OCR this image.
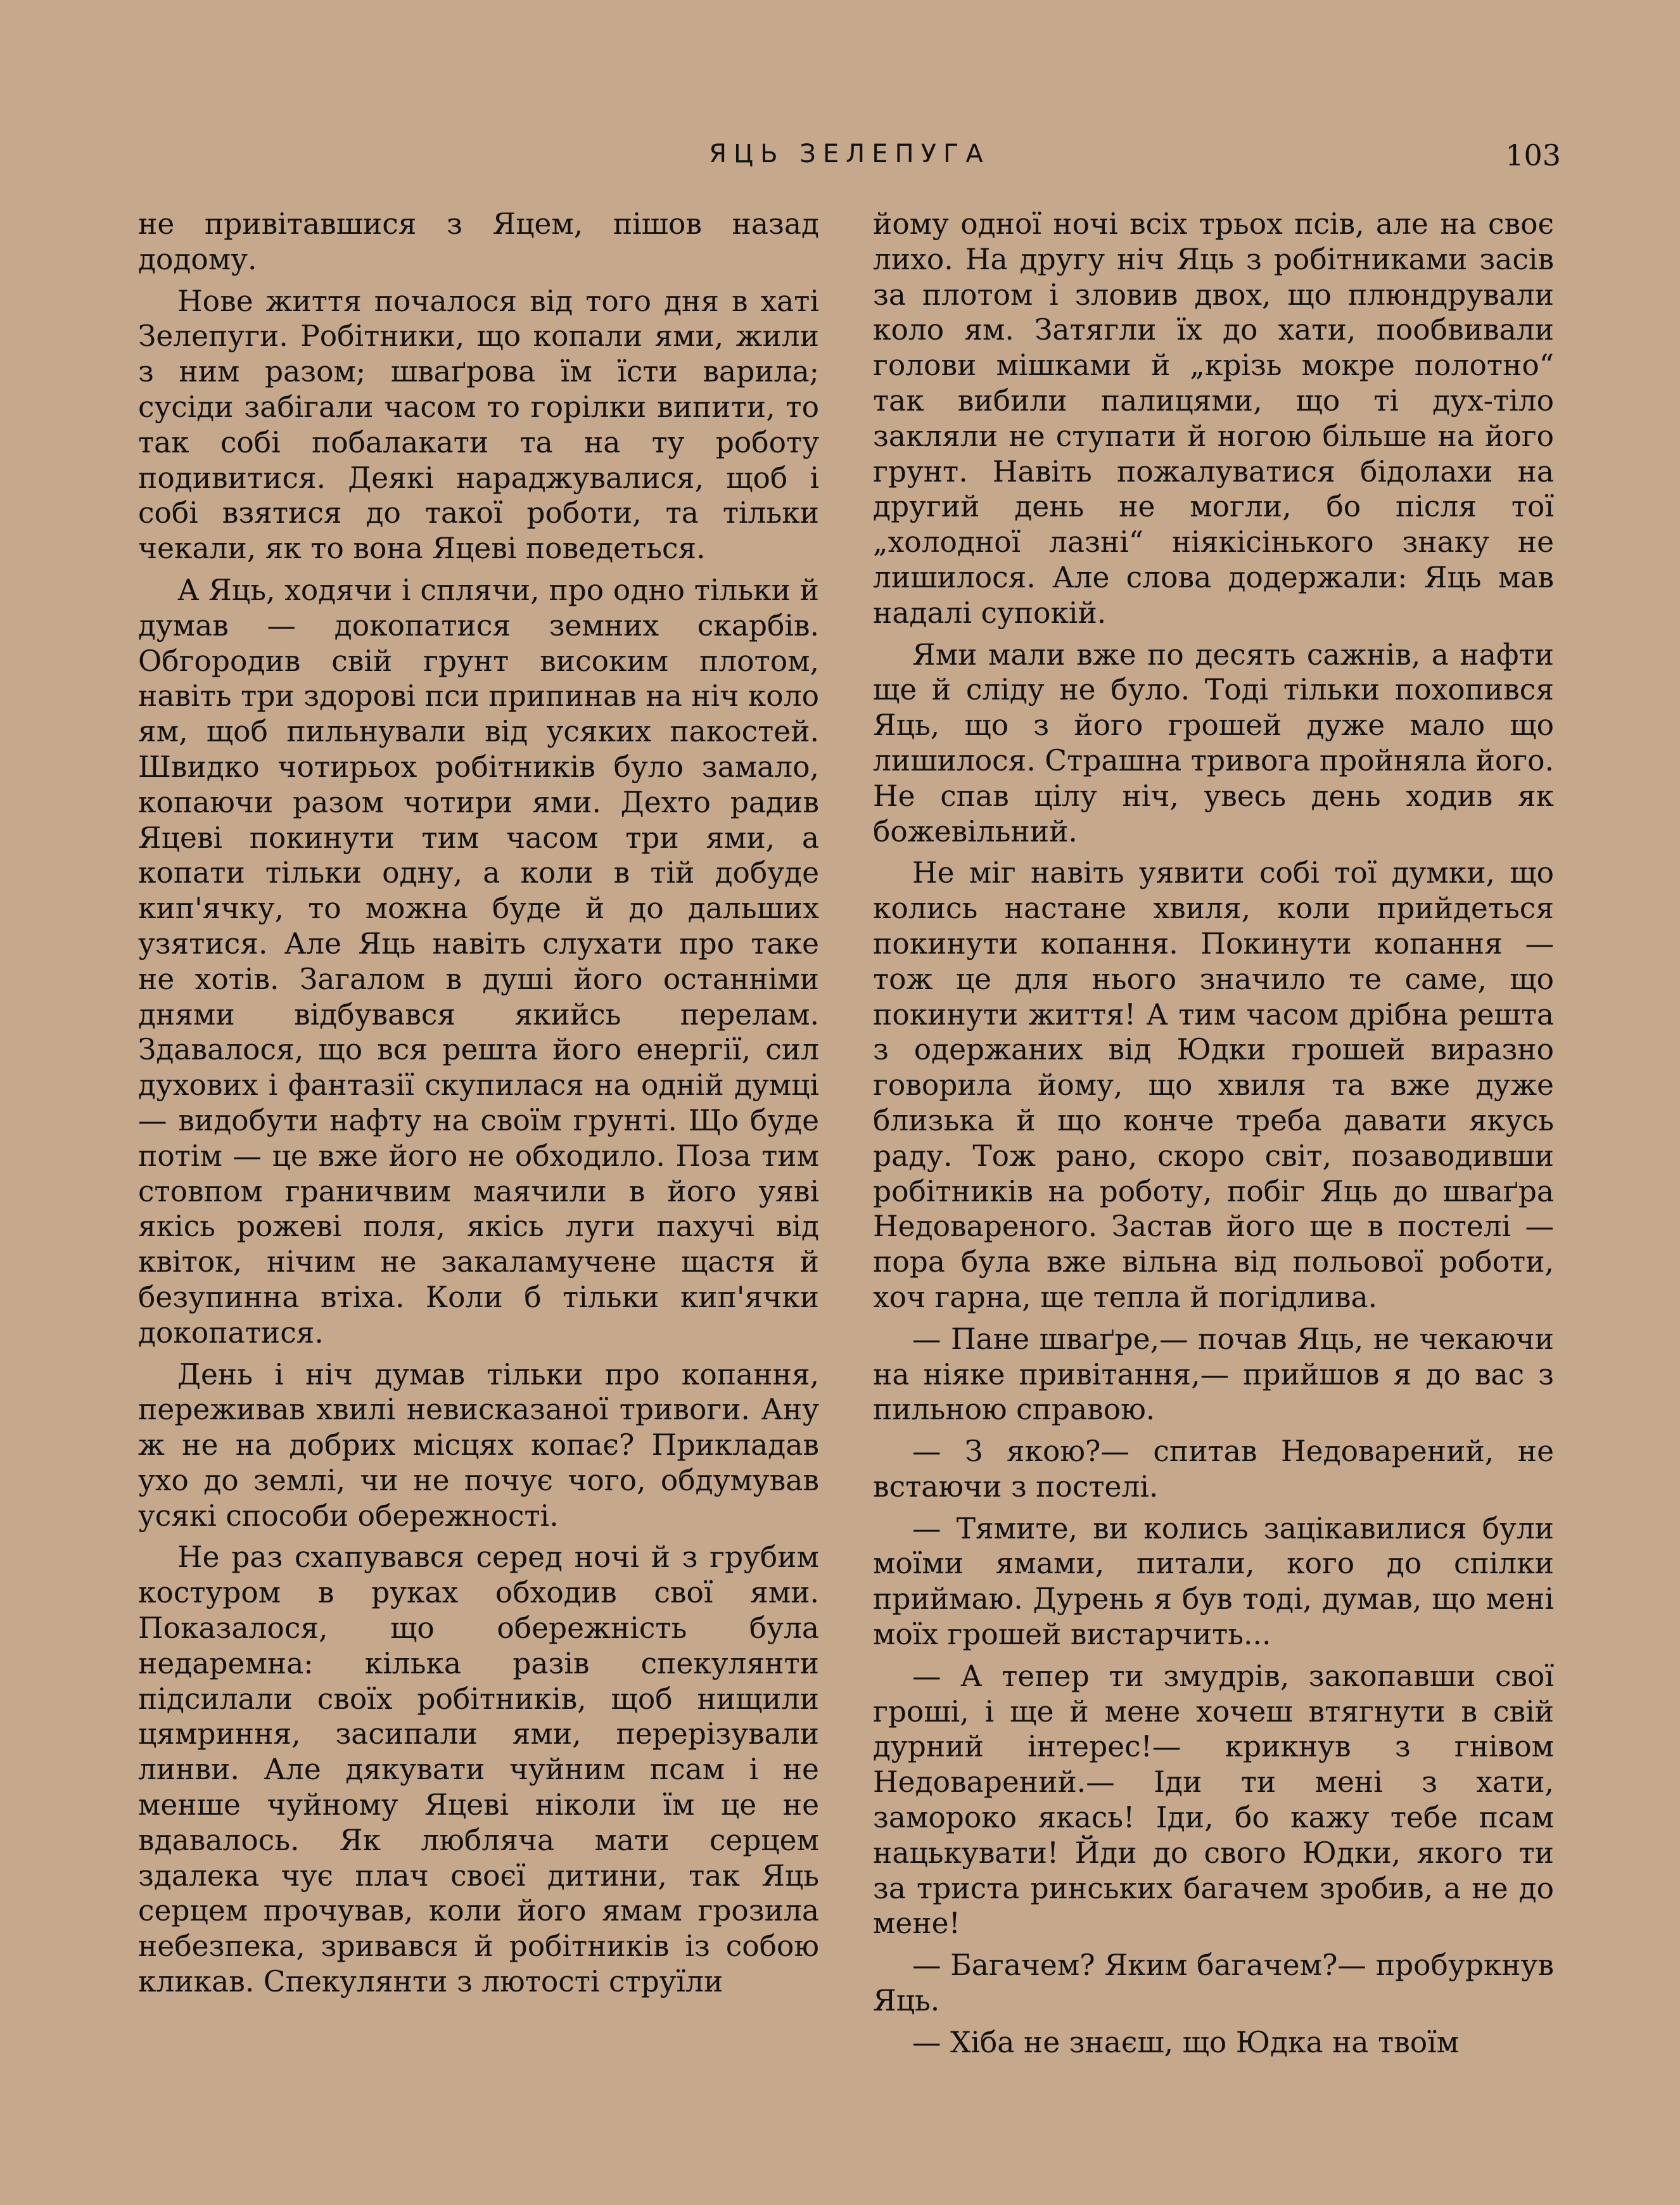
ЯЦЬ ЗЕЛЕПУГА	103

не привітавшися з Яцем, пішов назад додому.

Нове життя почалося від того дня в хаті Зелепуги. Робітники, що копали ями, жили з ним разом; шваґрова їм їсти варила; сусіди забігали часом то горілки випити, то так собі побалакати та на ту роботу подивитися. Деякі нараджувалися, щоб і собі взятися до такої роботи, та тільки чекали, як то вона Яцеві поведеться.

А Яць, ходячи і сплячи, про одно тільки й думав — докопатися земних скарбів. Обгородив свій грунт високим плотом, навіть три здорові пси припинав на ніч коло ям, щоб пильнували від усяких пакостей. Швидко чотирьох робітників було замало, копаючи разом чотири ями. Дехто радив Яцеві покинути тим часом три ями, а копати тільки одну, а коли в тій добуде кип'ячку, то можна буде й до дальших узятися. Але Яць навіть слухати про таке не хотів. Загалом в душі його останніми днями відбувався якийсь перелам. Здавалося, що вся решта його енергії, сил духових і фантазії скупилася на одній думці — видобути нафту на своїм грунті. Що буде потім — це вже його не обходило. Поза тим стовпом граничвим маячили в його уяві якісь рожеві поля, якісь луги пахучі від квіток, нічим не закаламучене щастя й безупинна втіха. Коли б тільки кип'ячки докопатися.

День і ніч думав тільки про копання, переживав хвилі невисказаної тривоги. Ану ж не на добрих місцях копає? Прикладав ухо до землі, чи не почує чого, обдумував усякі способи обережності.

Не раз схапувався серед ночі й з грубим костуром в руках обходив свої ями. Показалося, що обережність була недаремна: кілька разів спекулянти підсилали своїх робітників, щоб нищили цямриння, засипали ями, перерізували линви. Але дякувати чуйним псам і не менше чуйному Яцеві ніколи їм це не вдавалось. Як люблячa мати серцем здалека чує плач своєї дитини, так Яць серцем прочував, коли його ямам грозила небезпека, зривався й робітників із собою кликав. Спекулянти з лютості струїли

йому одної ночі всіх трьох псів, але на своє лихо. На другу ніч Яць з робітниками засів за плотом і зловив двох, що плюндрували коло ям. Затягли їх до хати, пообвивали голови мішками й „крізь мокре полотно“ так вибили палицями, що ті дух-тіло закляли не ступати й ногою більше на його грунт. Навіть пожалуватися бідолахи на другий день не могли, бо після тої „холодної лазні“ ніякісінького знаку не лишилося. Але слова додержали: Яць мав надалі супокій.

Ями мали вже по десять сажнів, а нафти ще й сліду не було. Тоді тільки похопився Яць, що з його грошей дуже мало що лишилося. Страшна тривога пройняла його. Не спав цілу ніч, увесь день ходив як божевільний.

Не міг навіть уявити собі тої думки, що колись настане хвиля, коли прийдеться покинути копання. Покинути копання — тож це для нього значило те саме, що покинути життя! А тим часом дрібна решта з одержаних від Юдки грошей виразно говорила йому, що хвиля та вже дуже близька й що конче треба давати якусь раду. Тож рано, скоро світ, позаводивши робітників на роботу, побіг Яць до шваґра Недовареного. Застав його ще в постелі — пора була вже вільна від польової роботи, хоч гарна, ще тепла й погідлива.

— Пане шваґре,— почав Яць, не чекаючи на ніяке привітання,— прийшов я до вас з пильною справою.

— З якою?— спитав Недоварений, не встаючи з постелі.

— Тямите, ви колись зацікавилися були моїми ямами, питали, кого до спілки приймаю. Дурень я був тоді, думав, що мені моїх грошей вистарчить...

— А тепер ти змудрів, закопавши свої гроші, і ще й мене хочеш втягнути в свій дурний інтерес!— крикнув з гнівом Недоварений.— Іди ти мені з хати, замороко якась! Іди, бо кажу тебе псам нацькувати! Йди до свого Юдки, якого ти за триста ринських багачем зробив, а не до мене!

— Багачем? Яким багачем?— пробуркнув Яць.

— Хіба не знаєш, що Юдка на твоїм
